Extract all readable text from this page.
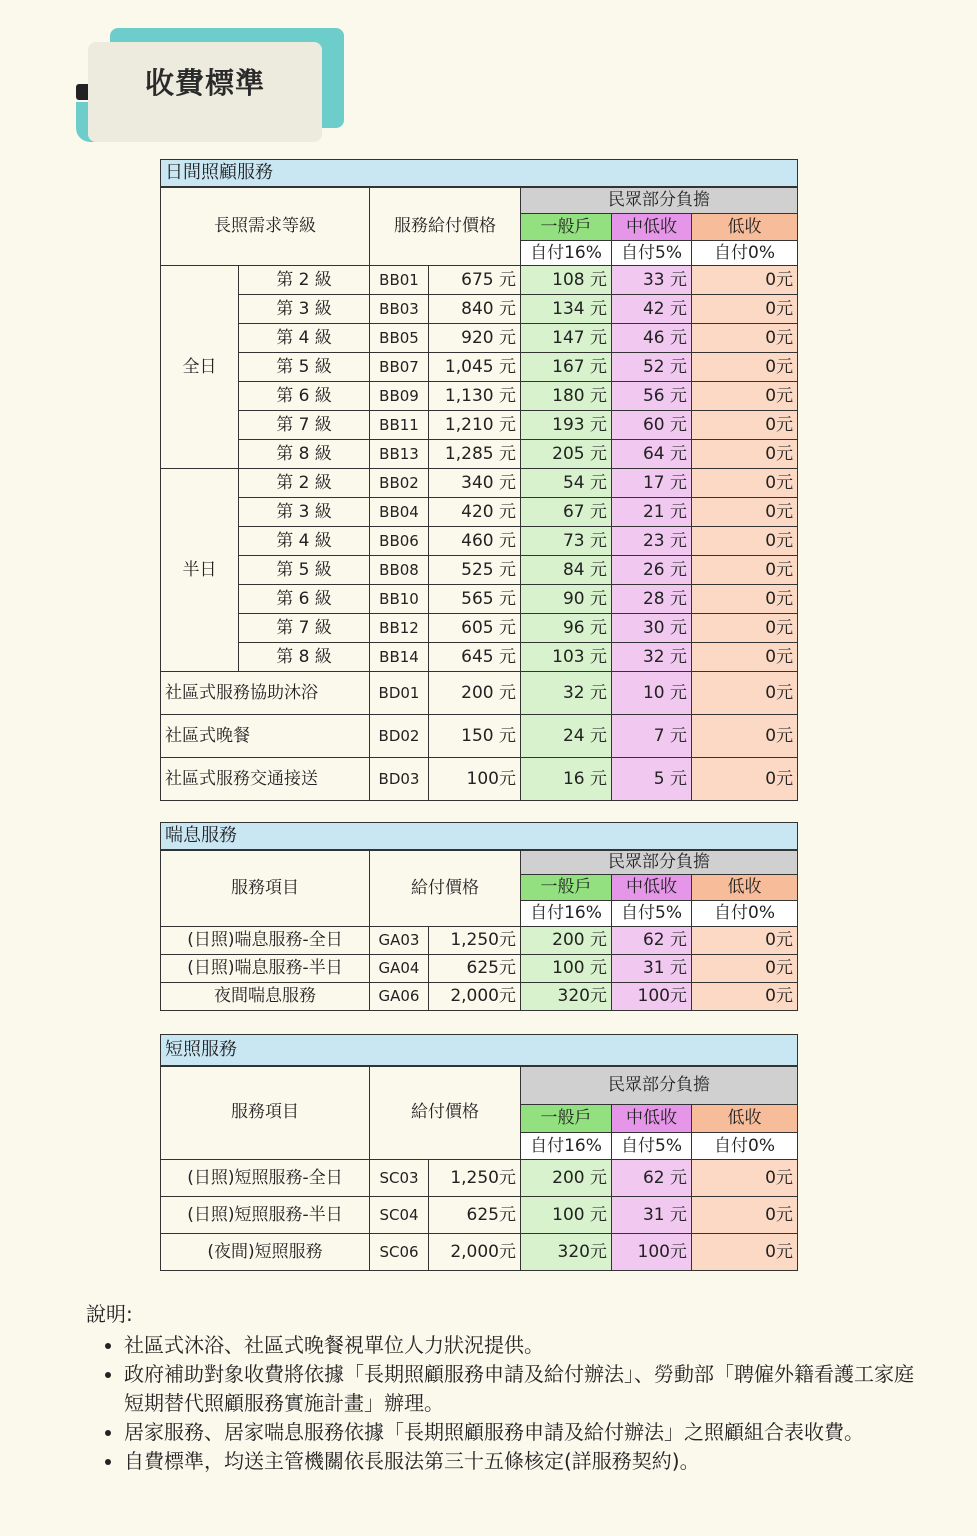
收費標準
日間照顧服務						
長照需求等級		服務給付價格		民眾部分負擔		
				一般戶	中低收	低收
				自付16%	自付5%	自付0%
全日	第 2 級	BB01	675 元	108 元	33 元	0元
	第 3 級	BB03	840 元	134 元	42 元	0元
	第 4 級	BB05	920 元	147 元	46 元	0元
	第 5 級	BB07	1,045 元	167 元	52 元	0元
	第 6 級	BB09	1,130 元	180 元	56 元	0元
	第 7 級	BB11	1,210 元	193 元	60 元	0元
	第 8 級	BB13	1,285 元	205 元	64 元	0元
半日	第 2 級	BB02	340 元	54 元	17 元	0元
	第 3 級	BB04	420 元	67 元	21 元	0元
	第 4 級	BB06	460 元	73 元	23 元	0元
	第 5 級	BB08	525 元	84 元	26 元	0元
	第 6 級	BB10	565 元	90 元	28 元	0元
	第 7 級	BB12	605 元	96 元	30 元	0元
	第 8 級	BB14	645 元	103 元	32 元	0元
社區式服務協助沐浴		BD01	200 元	32 元	10 元	0元
社區式晚餐		BD02	150 元	24 元	7 元	0元
社區式服務交通接送		BD03	100元	16 元	5 元	0元
喘息服務					
服務項目	給付價格		民眾部分負擔		
			一般戶	中低收	低收
			自付16%	自付5%	自付0%
(日照)喘息服務-全日	GA03	1,250元	200 元	62 元	0元
(日照)喘息服務-半日	GA04	625元	100 元	31 元	0元
夜間喘息服務	GA06	2,000元	320元	100元	0元
短照服務					
服務項目	給付價格		民眾部分負擔		
			一般戶	中低收	低收
			自付16%	自付5%	自付0%
(日照)短照服務-全日	SC03	1,250元	200 元	62 元	0元
(日照)短照服務-半日	SC04	625元	100 元	31 元	0元
(夜間)短照服務	SC06	2,000元	320元	100元	0元
說明:
• 社區式沐浴、社區式晚餐視單位人力狀況提供。
• 政府補助對象收費將依據「長期照顧服務申請及給付辦法」、勞動部「聘僱外籍看護工家庭短期替代照顧服務實施計畫」辦理。
• 居家服務、居家喘息服務依據「長期照顧服務申請及給付辦法」之照顧組合表收費。
• 自費標準，均送主管機關依長服法第三十五條核定(詳服務契約)。
